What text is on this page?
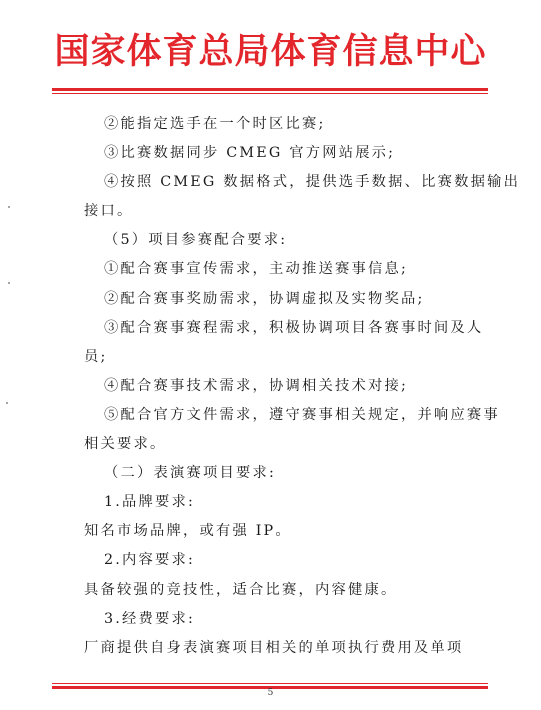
国家体育总局体育信息中心
②能指定选手在一个时区比赛;
③比赛数据同步 CMEG 官方网站展示;
④按照 CMEG 数据格式，提供选手数据、比赛数据输出
接口。
（5）项目参赛配合要求:
①配合赛事宣传需求，主动推送赛事信息;
②配合赛事奖励需求，协调虚拟及实物奖品;
③配合赛事赛程需求，积极协调项目各赛事时间及人
员;
④配合赛事技术需求，协调相关技术对接;
⑤配合官方文件需求，遵守赛事相关规定，并响应赛事
相关要求。
（二）表演赛项目要求:
1.品牌要求:
知名市场品牌，或有强 IP。
2.内容要求:
具备较强的竞技性，适合比赛，内容健康。
3.经费要求:
厂商提供自身表演赛项目相关的单项执行费用及单项
5
